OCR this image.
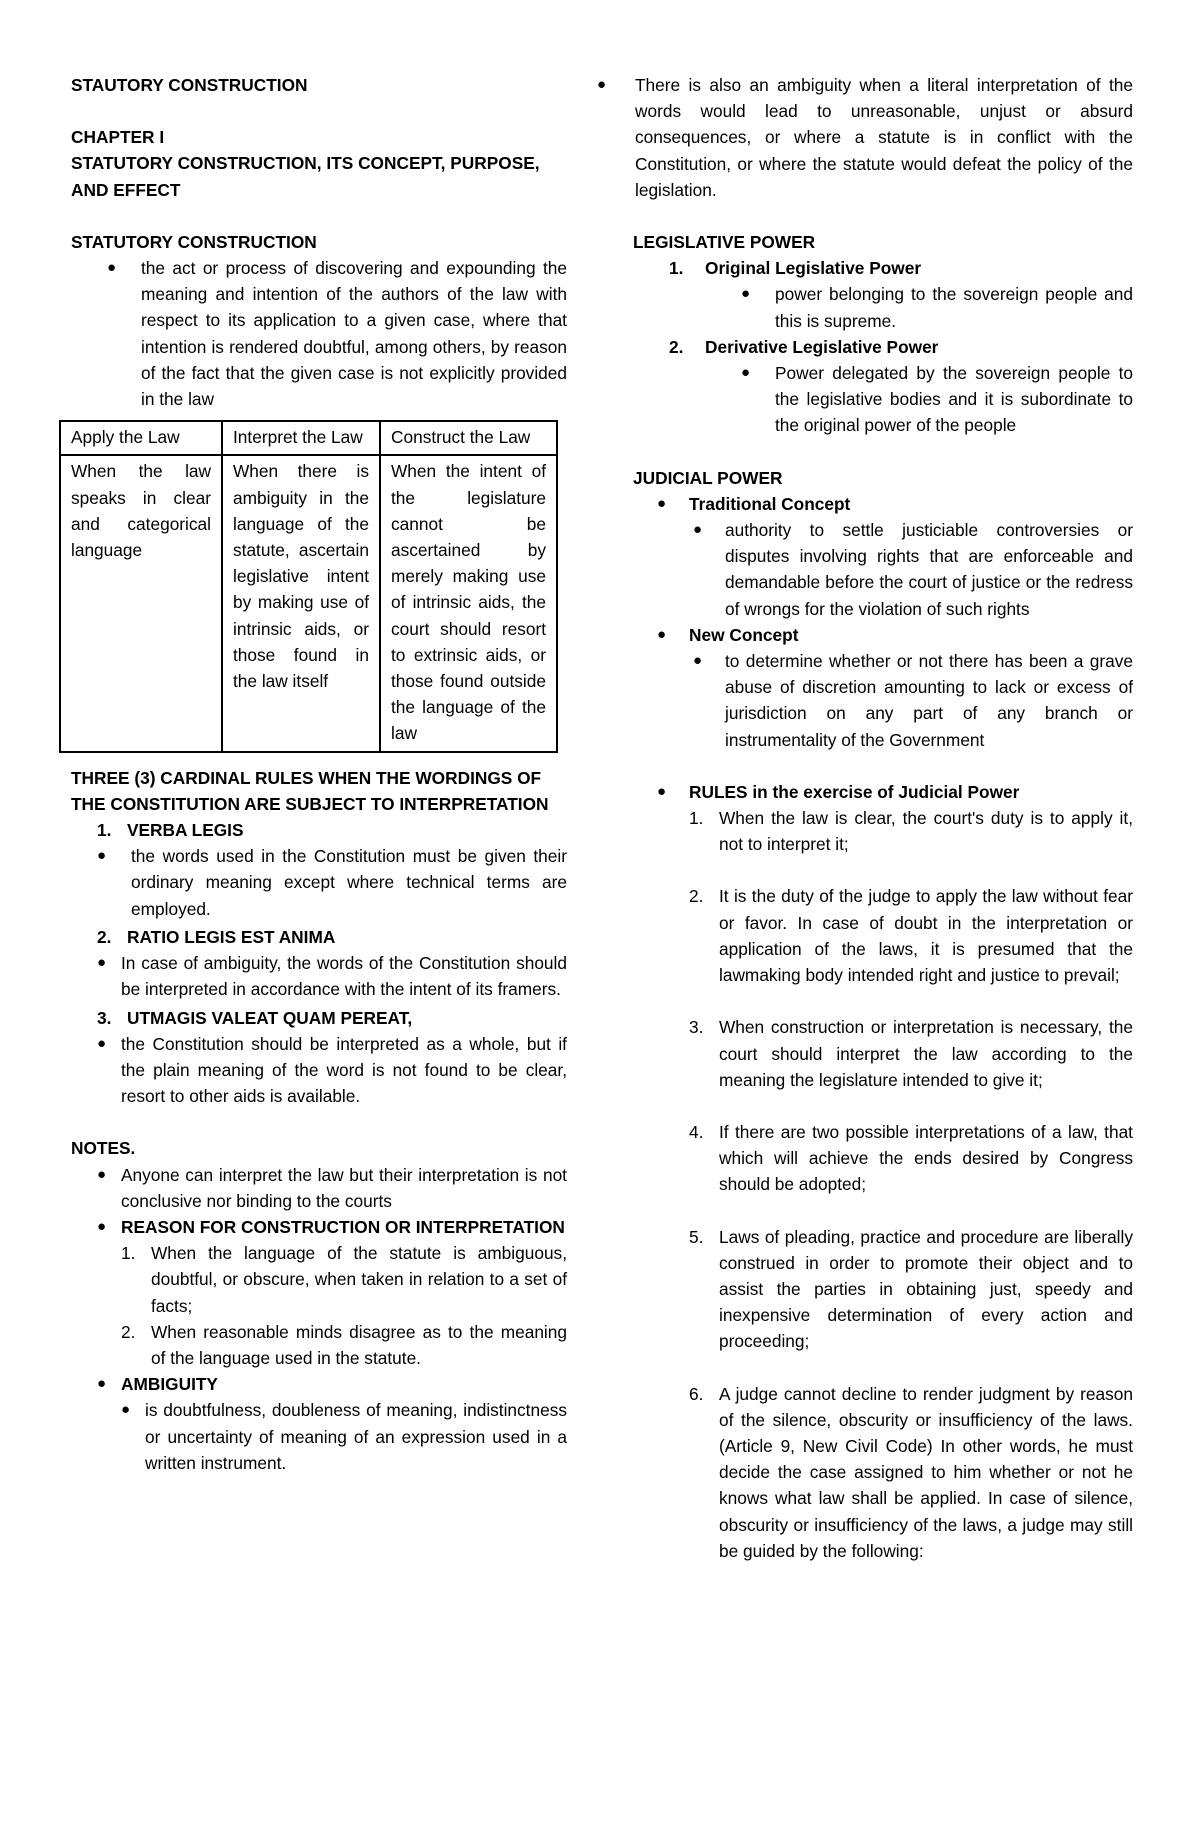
STAUTORY CONSTRUCTION
CHAPTER I
STATUTORY CONSTRUCTION, ITS CONCEPT, PURPOSE, AND EFFECT
STATUTORY CONSTRUCTION
● the act or process of discovering and expounding the meaning and intention of the authors of the law with respect to its application to a given case, where that intention is rendered doubtful, among others, by reason of the fact that the given case is not explicitly provided in the law
Apply the Law	Interpret the Law	Construct the Law
When the law speaks in clear and categorical language	When there is ambiguity in the language of the statute, ascertain legislative intent by making use of intrinsic aids, or those found in the law itself	When the intent of the legislature cannot be ascertained by merely making use of intrinsic aids, the court should resort to extrinsic aids, or those found outside the language of the law
THREE (3) CARDINAL RULES WHEN THE WORDINGS OF THE CONSTITUTION ARE SUBJECT TO INTERPRETATION
1. VERBA LEGIS
● the words used in the Constitution must be given their ordinary meaning except where technical terms are employed.
2. RATIO LEGIS EST ANIMA
● In case of ambiguity, the words of the Constitution should be interpreted in accordance with the intent of its framers.
3. UTMAGIS VALEAT QUAM PEREAT,
● the Constitution should be interpreted as a whole, but if the plain meaning of the word is not found to be clear, resort to other aids is available.
NOTES.
● Anyone can interpret the law but their interpretation is not conclusive nor binding to the courts
● REASON FOR CONSTRUCTION OR INTERPRETATION
1. When the language of the statute is ambiguous, doubtful, or obscure, when taken in relation to a set of facts;
2. When reasonable minds disagree as to the meaning of the language used in the statute.
● AMBIGUITY
● is doubtfulness, doubleness of meaning, indistinctness or uncertainty of meaning of an expression used in a written instrument.
● There is also an ambiguity when a literal interpretation of the words would lead to unreasonable, unjust or absurd consequences, or where a statute is in conflict with the Constitution, or where the statute would defeat the policy of the legislation.
LEGISLATIVE POWER
1. Original Legislative Power
● power belonging to the sovereign people and this is supreme.
2. Derivative Legislative Power
● Power delegated by the sovereign people to the legislative bodies and it is subordinate to the original power of the people
JUDICIAL POWER
● Traditional Concept
● authority to settle justiciable controversies or disputes involving rights that are enforceable and demandable before the court of justice or the redress of wrongs for the violation of such rights
● New Concept
● to determine whether or not there has been a grave abuse of discretion amounting to lack or excess of jurisdiction on any part of any branch or instrumentality of the Government
● RULES in the exercise of Judicial Power
1. When the law is clear, the court's duty is to apply it, not to interpret it;
2. It is the duty of the judge to apply the law without fear or favor. In case of doubt in the interpretation or application of the laws, it is presumed that the lawmaking body intended right and justice to prevail;
3. When construction or interpretation is necessary, the court should interpret the law according to the meaning the legislature intended to give it;
4. If there are two possible interpretations of a law, that which will achieve the ends desired by Congress should be adopted;
5. Laws of pleading, practice and procedure are liberally construed in order to promote their object and to assist the parties in obtaining just, speedy and inexpensive determination of every action and proceeding;
6. A judge cannot decline to render judgment by reason of the silence, obscurity or insufficiency of the laws. (Article 9, New Civil Code) In other words, he must decide the case assigned to him whether or not he knows what law shall be applied. In case of silence, obscurity or insufficiency of the laws, a judge may still be guided by the following:
